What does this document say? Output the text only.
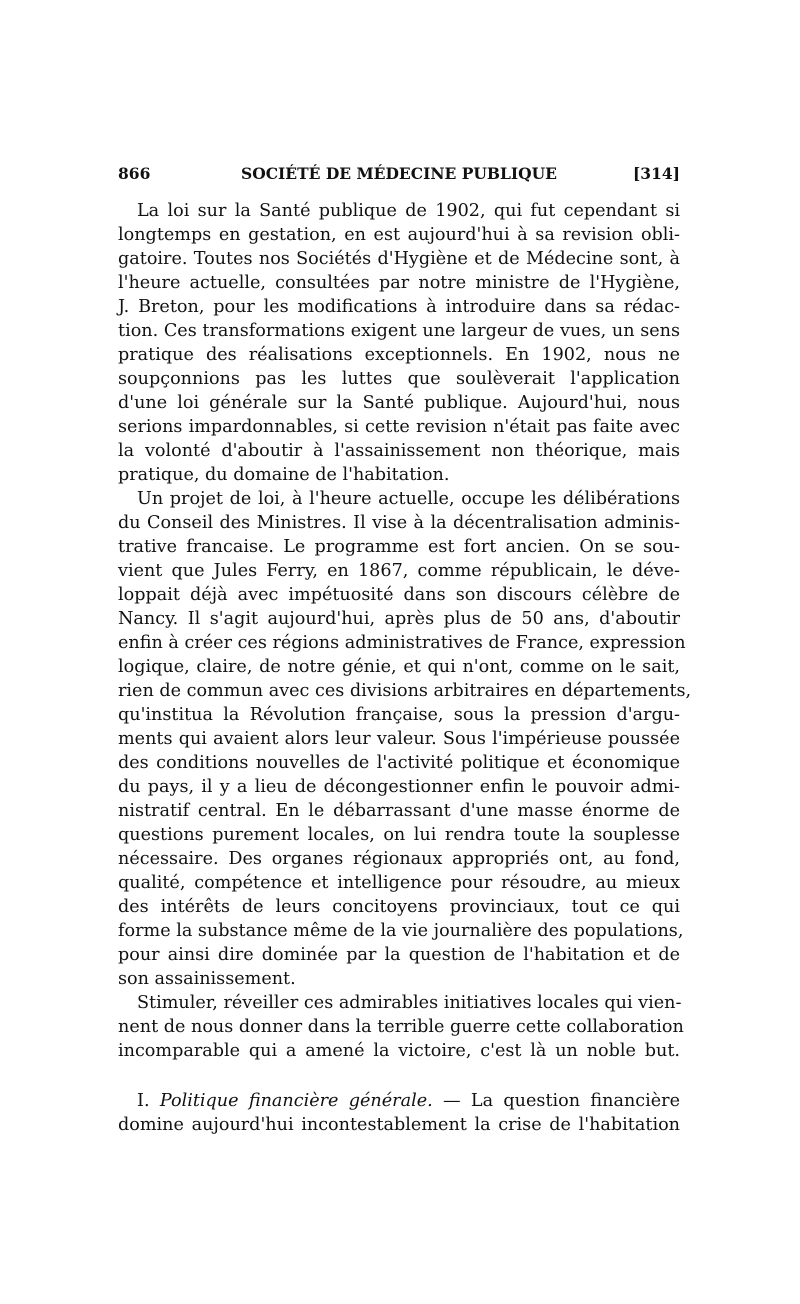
866	SOCIÉTÉ DE MÉDECINE PUBLIQUE	[314]
La loi sur la Santé publique de 1902, qui fut cependant si
longtemps en gestation, en est aujourd'hui à sa revision obli-
gatoire. Toutes nos Sociétés d'Hygiène et de Médecine sont, à
l'heure actuelle, consultées par notre ministre de l'Hygiène,
J. Breton, pour les modifications à introduire dans sa rédac-
tion. Ces transformations exigent une largeur de vues, un sens
pratique des réalisations exceptionnels. En 1902, nous ne
soupçonnions pas les luttes que soulèverait l'application
d'une loi générale sur la Santé publique. Aujourd'hui, nous
serions impardonnables, si cette revision n'était pas faite avec
la volonté d'aboutir à l'assainissement non théorique, mais
pratique, du domaine de l'habitation.
Un projet de loi, à l'heure actuelle, occupe les délibérations
du Conseil des Ministres. Il vise à la décentralisation adminis-
trative francaise. Le programme est fort ancien. On se sou-
vient que Jules Ferry, en 1867, comme républicain, le déve-
loppait déjà avec impétuosité dans son discours célèbre de
Nancy. Il s'agit aujourd'hui, après plus de 50 ans, d'aboutir
enfin à créer ces régions administratives de France, expression
logique, claire, de notre génie, et qui n'ont, comme on le sait,
rien de commun avec ces divisions arbitraires en départements,
qu'institua la Révolution française, sous la pression d'argu-
ments qui avaient alors leur valeur. Sous l'impérieuse poussée
des conditions nouvelles de l'activité politique et économique
du pays, il y a lieu de décongestionner enfin le pouvoir admi-
nistratif central. En le débarrassant d'une masse énorme de
questions purement locales, on lui rendra toute la souplesse
nécessaire. Des organes régionaux appropriés ont, au fond,
qualité, compétence et intelligence pour résoudre, au mieux
des intérêts de leurs concitoyens provinciaux, tout ce qui
forme la substance même de la vie journalière des populations,
pour ainsi dire dominée par la question de l'habitation et de
son assainissement.
Stimuler, réveiller ces admirables initiatives locales qui vien-
nent de nous donner dans la terrible guerre cette collaboration
incomparable qui a amené la victoire, c'est là un noble but.
I. Politique financière générale. — La question financière
domine aujourd'hui incontestablement la crise de l'habitation
